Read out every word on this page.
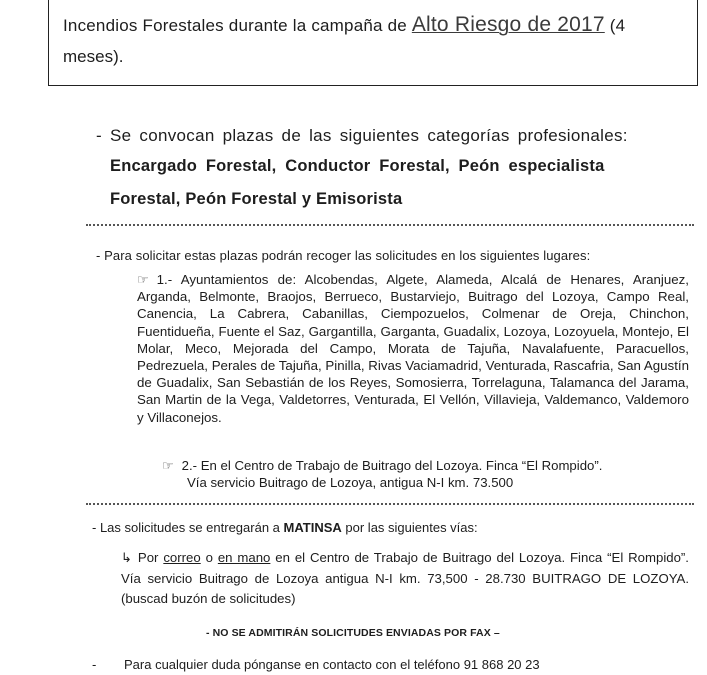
Incendios Forestales durante la campaña de Alto Riesgo de 2017 (4
meses).
- Se convocan plazas de las siguientes categorías profesionales:
Encargado Forestal, Conductor Forestal, Peón especialista
Forestal, Peón Forestal y Emisorista
- Para solicitar estas plazas podrán recoger las solicitudes en los siguientes lugares:
☞ 1.- Ayuntamientos de: Alcobendas, Algete, Alameda, Alcalá de Henares, Aranjuez, Arganda, Belmonte, Braojos, Berrueco, Bustarviejo, Buitrago del Lozoya, Campo Real, Canencia, La Cabrera, Cabanillas, Ciempozuelos, Colmenar de Oreja, Chinchon, Fuentidueña, Fuente el Saz, Gargantilla, Garganta, Guadalix, Lozoya, Lozoyuela, Montejo, El Molar, Meco, Mejorada del Campo, Morata de Tajuña, Navalafuente, Paracuellos, Pedrezuela, Perales de Tajuña, Pinilla, Rivas Vaciamadrid, Venturada, Rascafria, San Agustín de Guadalix, San Sebastián de los Reyes, Somosierra, Torrelaguna, Talamanca del Jarama, San Martin de la Vega, Valdetorres, Venturada, El Vellón, Villavieja, Valdemanco, Valdemoro y Villaconejos.
☞ 2.- En el Centro de Trabajo de Buitrago del Lozoya. Finca “El Rompido”.
Vía servicio Buitrago de Lozoya, antigua N-I km. 73.500
- Las solicitudes se entregarán a MATINSA por las siguientes vías:
↳ Por correo o en mano en el Centro de Trabajo de Buitrago del Lozoya. Finca “El Rompido”. Vía servicio Buitrago de Lozoya antigua N-I km. 73,500 - 28.730 BUITRAGO DE LOZOYA. (buscad buzón de solicitudes)
- NO SE ADMITIRÁN SOLICITUDES ENVIADAS POR FAX –
- Para cualquier duda pónganse en contacto con el teléfono 91 868 20 23
